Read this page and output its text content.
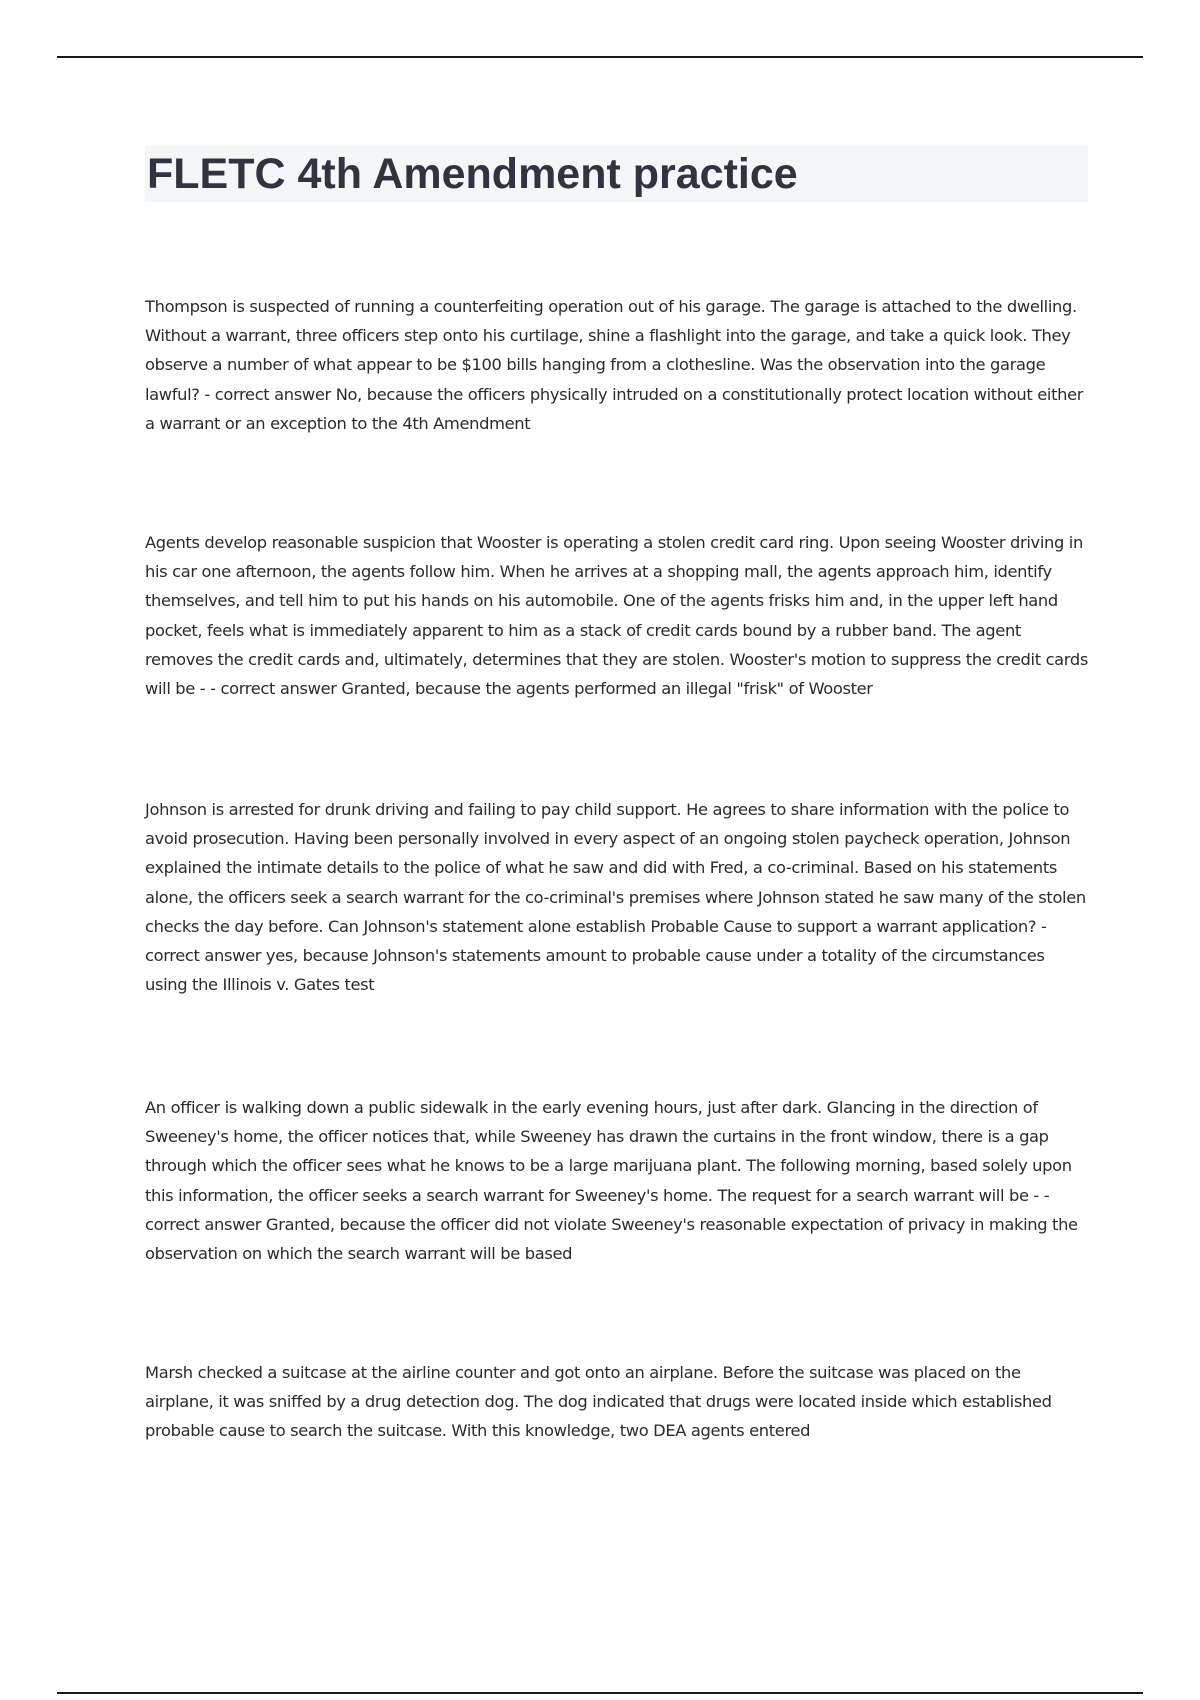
FLETC 4th Amendment practice

Thompson is suspected of running a counterfeiting operation out of his garage. The garage is attached to the dwelling. Without a warrant, three officers step onto his curtilage, shine a flashlight into the garage, and take a quick look. They observe a number of what appear to be $100 bills hanging from a clothesline. Was the observation into the garage lawful? - correct answer No, because the officers physically intruded on a constitutionally protect location without either a warrant or an exception to the 4th Amendment

Agents develop reasonable suspicion that Wooster is operating a stolen credit card ring. Upon seeing Wooster driving in his car one afternoon, the agents follow him. When he arrives at a shopping mall, the agents approach him, identify themselves, and tell him to put his hands on his automobile. One of the agents frisks him and, in the upper left hand pocket, feels what is immediately apparent to him as a stack of credit cards bound by a rubber band. The agent removes the credit cards and, ultimately, determines that they are stolen. Wooster's motion to suppress the credit cards will be - - correct answer Granted, because the agents performed an illegal "frisk" of Wooster

Johnson is arrested for drunk driving and failing to pay child support. He agrees to share information with the police to avoid prosecution. Having been personally involved in every aspect of an ongoing stolen paycheck operation, Johnson explained the intimate details to the police of what he saw and did with Fred, a co-criminal. Based on his statements alone, the officers seek a search warrant for the co-criminal's premises where Johnson stated he saw many of the stolen checks the day before. Can Johnson's statement alone establish Probable Cause to support a warrant application? - correct answer yes, because Johnson's statements amount to probable cause under a totality of the circumstances using the Illinois v. Gates test

An officer is walking down a public sidewalk in the early evening hours, just after dark. Glancing in the direction of Sweeney's home, the officer notices that, while Sweeney has drawn the curtains in the front window, there is a gap through which the officer sees what he knows to be a large marijuana plant. The following morning, based solely upon this information, the officer seeks a search warrant for Sweeney's home. The request for a search warrant will be - - correct answer Granted, because the officer did not violate Sweeney's reasonable expectation of privacy in making the observation on which the search warrant will be based

Marsh checked a suitcase at the airline counter and got onto an airplane. Before the suitcase was placed on the airplane, it was sniffed by a drug detection dog. The dog indicated that drugs were located inside which established probable cause to search the suitcase. With this knowledge, two DEA agents entered
